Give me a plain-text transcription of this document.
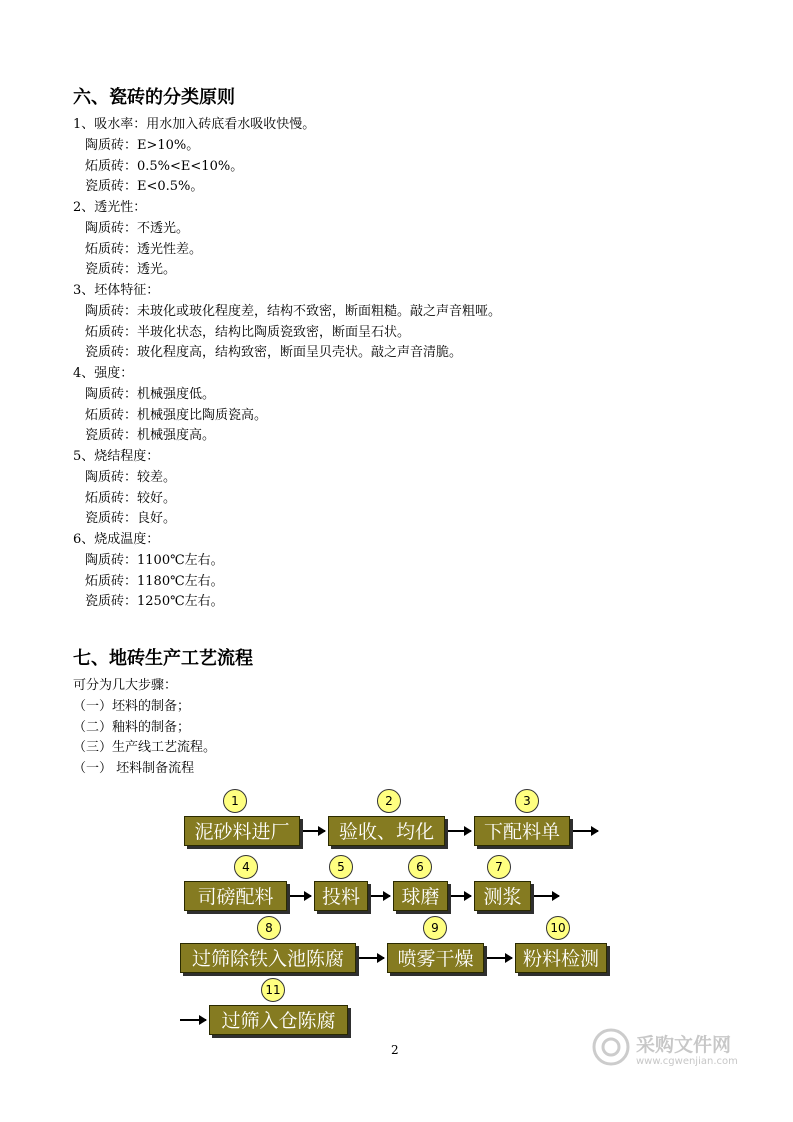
六、瓷砖的分类原则
1、吸水率：用水加入砖底看水吸收快慢。
陶质砖：E>10%。
炻质砖：0.5%<E<10%。
瓷质砖：E<0.5%。
2、透光性：
陶质砖：不透光。
炻质砖：透光性差。
瓷质砖：透光。
3、坯体特征：
陶质砖：未玻化或玻化程度差，结构不致密，断面粗糙。敲之声音粗哑。
炻质砖：半玻化状态，结构比陶质瓷致密，断面呈石状。
瓷质砖：玻化程度高，结构致密，断面呈贝壳状。敲之声音清脆。
4、强度：
陶质砖：机械强度低。
炻质砖：机械强度比陶质瓷高。
瓷质砖：机械强度高。
5、烧结程度：
陶质砖：较差。
炻质砖：较好。
瓷质砖：良好。
6、烧成温度：
陶质砖：1100℃左右。
炻质砖：1180℃左右。
瓷质砖：1250℃左右。
七、地砖生产工艺流程
可分为几大步骤：
（一）坯料的制备；
（二）釉料的制备；
（三）生产线工艺流程。
（一） 坯料制备流程
1
泥砂料进厂
2
验收、均化
3
下配料单
4
司磅配料
5
投料
6
球磨
7
测浆
8
过筛除铁入池陈腐
9
喷雾干燥
10
粉料检测
11
过筛入仓陈腐
2	采购文件网
www.cgwenjian.com
